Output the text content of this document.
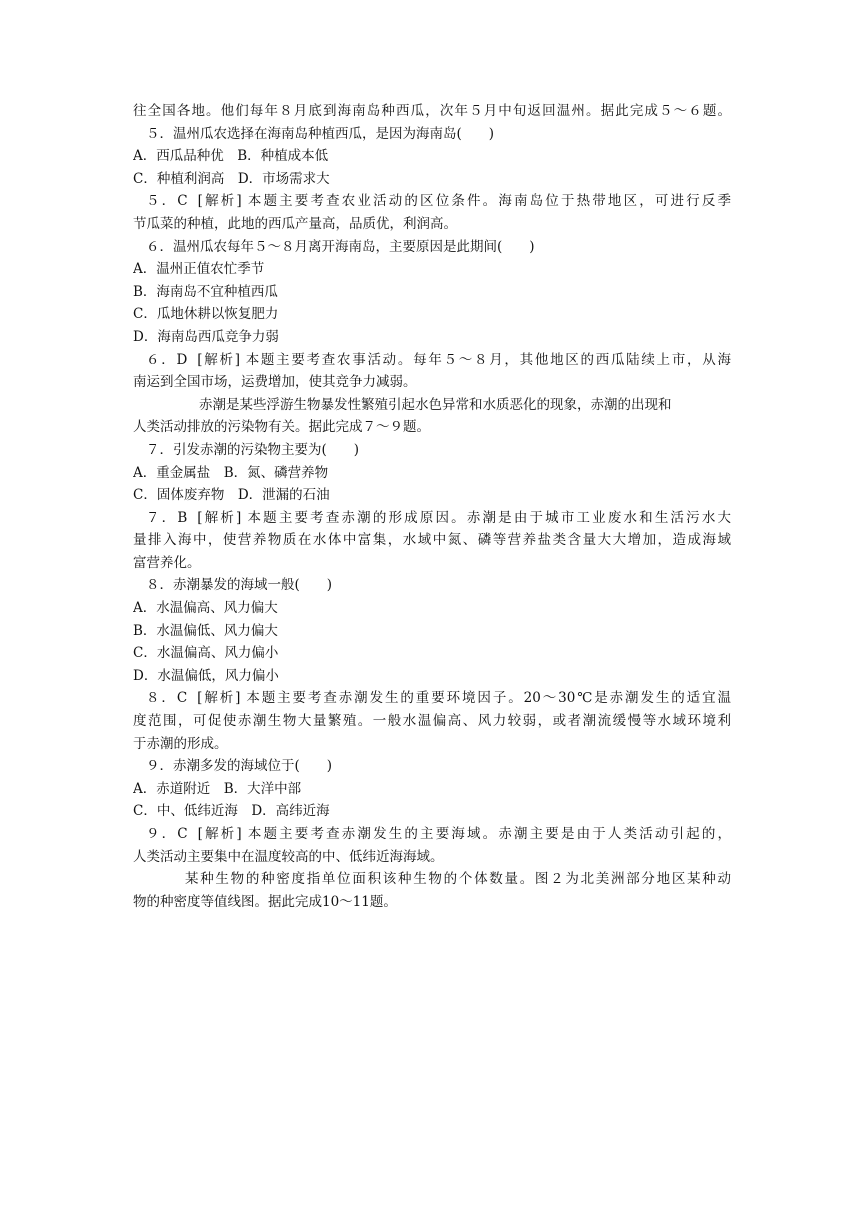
往全国各地。他们每年８月底到海南岛种西瓜，次年５月中旬返回温州。据此完成５～６题。
５．温州瓜农选择在海南岛种植西瓜，是因为海南岛(　　)
A．西瓜品种优　B．种植成本低
C．种植利润高　D．市场需求大
５．C [解析] 本题主要考查农业活动的区位条件。海南岛位于热带地区，可进行反季
节瓜菜的种植，此地的西瓜产量高，品质优，利润高。
６．温州瓜农每年５～８月离开海南岛，主要原因是此期间(　　)
A．温州正值农忙季节
B．海南岛不宜种植西瓜
C．瓜地休耕以恢复肥力
D．海南岛西瓜竞争力弱
６．D [解析] 本题主要考查农事活动。每年５～８月，其他地区的西瓜陆续上市，从海
南运到全国市场，运费增加，使其竞争力减弱。
赤潮是某些浮游生物暴发性繁殖引起水色异常和水质恶化的现象，赤潮的出现和
人类活动排放的污染物有关。据此完成７～９题。
７．引发赤潮的污染物主要为(　　)
A．重金属盐　B．氮、磷营养物
C．固体废弃物　D．泄漏的石油
７．B [解析] 本题主要考查赤潮的形成原因。赤潮是由于城市工业废水和生活污水大
量排入海中，使营养物质在水体中富集，水域中氮、磷等营养盐类含量大大增加，造成海域
富营养化。
８．赤潮暴发的海域一般(　　)
A．水温偏高、风力偏大
B．水温偏低、风力偏大
C．水温偏高、风力偏小
D．水温偏低，风力偏小
８．C [解析] 本题主要考查赤潮发生的重要环境因子。20～30℃是赤潮发生的适宜温
度范围，可促使赤潮生物大量繁殖。一般水温偏高、风力较弱，或者潮流缓慢等水域环境利
于赤潮的形成。
９．赤潮多发的海域位于(　　)
A．赤道附近　B．大洋中部
C．中、低纬近海　D．高纬近海
９．C [解析] 本题主要考查赤潮发生的主要海域。赤潮主要是由于人类活动引起的，
人类活动主要集中在温度较高的中、低纬近海海域。
某种生物的种密度指单位面积该种生物的个体数量。图２为北美洲部分地区某种动
物的种密度等值线图。据此完成10～11题。
